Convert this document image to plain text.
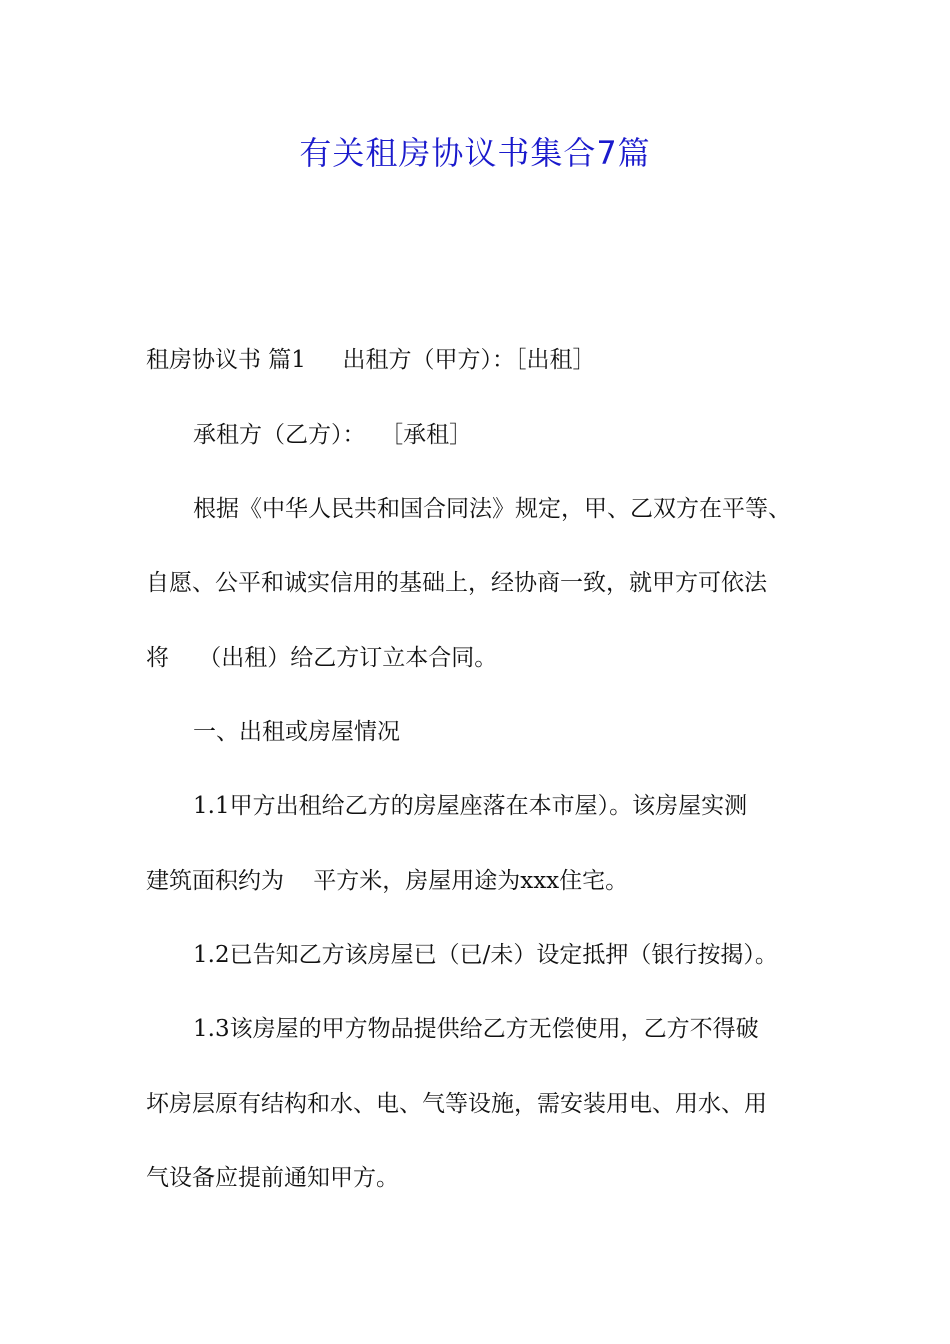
有关租房协议书集合7篇
租房协议书 篇1     出租方（甲方）：［出租］
承租方（乙方）：  ［承租］
根据《中华人民共和国合同法》规定，甲、乙双方在平等、
自愿、公平和诚实信用的基础上，经协商一致，就甲方可依法
将    （出租）给乙方订立本合同。
一、出租或房屋情况
1.1甲方出租给乙方的房屋座落在本市屋）。该房屋实测
建筑面积约为    平方米，房屋用途为xxx住宅。
1.2已告知乙方该房屋已（已/未）设定抵押（银行按揭）。
1.3该房屋的甲方物品提供给乙方无偿使用，乙方不得破
坏房层原有结构和水、电、气等设施，需安装用电、用水、用
气设备应提前通知甲方。
